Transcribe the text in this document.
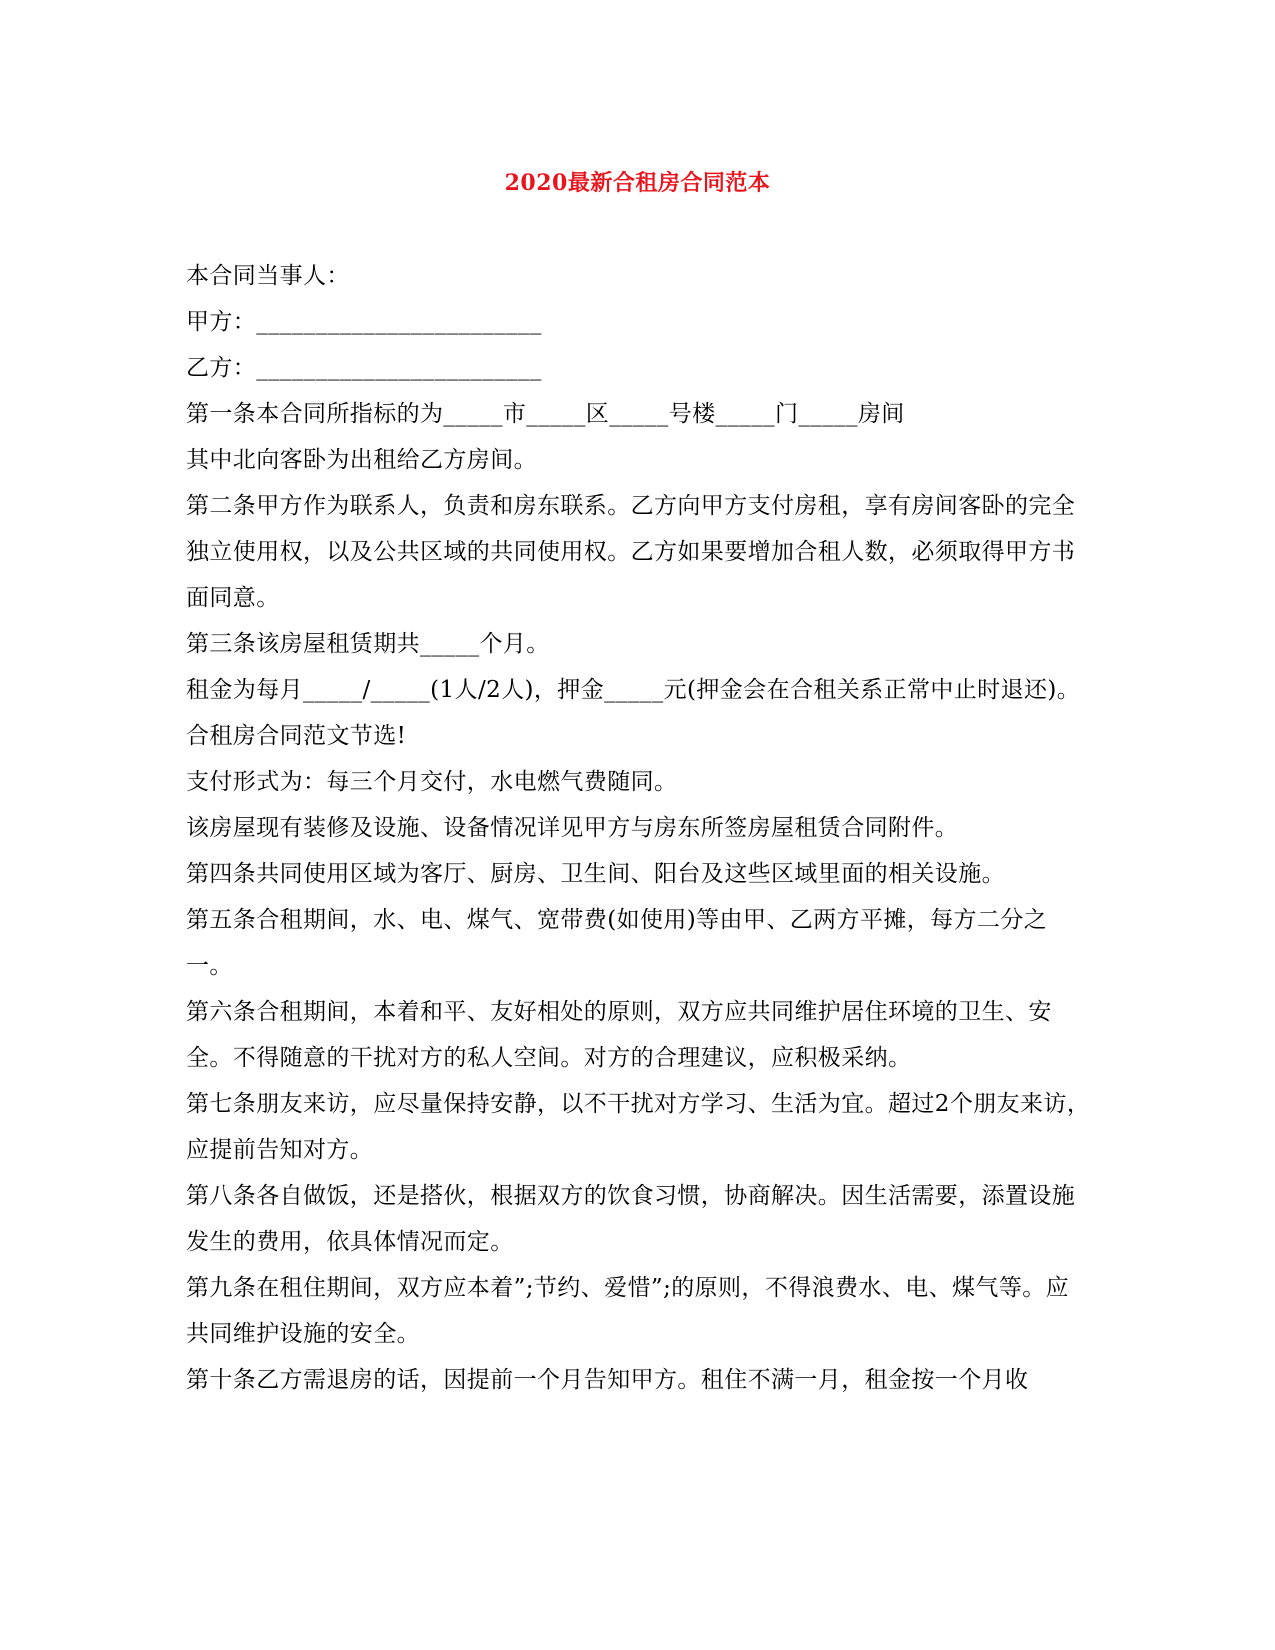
2020最新合租房合同范本

本合同当事人：

甲方：________________________

乙方：________________________

第一条本合同所指标的为_____市_____区_____号楼_____门_____房间

其中北向客卧为出租给乙方房间。

第二条甲方作为联系人，负责和房东联系。乙方向甲方支付房租，享有房间客卧的完全独立使用权，以及公共区域的共同使用权。乙方如果要增加合租人数，必须取得甲方书面同意。

第三条该房屋租赁期共_____个月。

租金为每月_____/_____(1人/2人)，押金_____元(押金会在合租关系正常中止时退还)。合租房合同范文节选!

支付形式为：每三个月交付，水电燃气费随同。

该房屋现有装修及设施、设备情况详见甲方与房东所签房屋租赁合同附件。

第四条共同使用区域为客厅、厨房、卫生间、阳台及这些区域里面的相关设施。

第五条合租期间，水、电、煤气、宽带费(如使用)等由甲、乙两方平摊，每方二分之一。

第六条合租期间，本着和平、友好相处的原则，双方应共同维护居住环境的卫生、安全。不得随意的干扰对方的私人空间。对方的合理建议，应积极采纳。

第七条朋友来访，应尽量保持安静，以不干扰对方学习、生活为宜。超过2个朋友来访，应提前告知对方。

第八条各自做饭，还是搭伙，根据双方的饮食习惯，协商解决。因生活需要，添置设施发生的费用，依具体情况而定。

第九条在租住期间，双方应本着”;节约、爱惜”;的原则，不得浪费水、电、煤气等。应共同维护设施的安全。

第十条乙方需退房的话，因提前一个月告知甲方。租住不满一月，租金按一个月收
